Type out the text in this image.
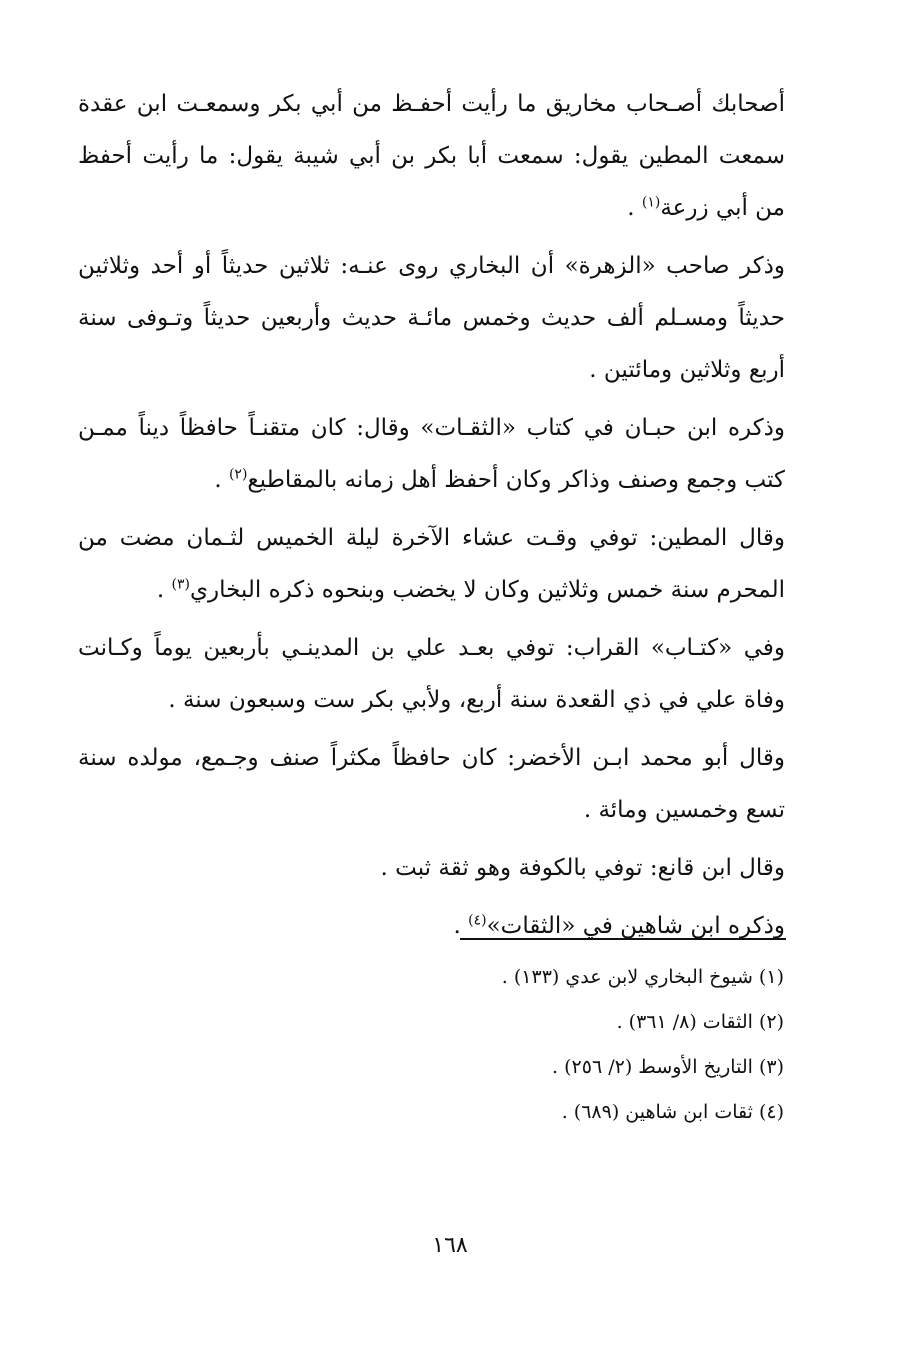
أصحابك أصـحاب مخاريق ما رأيت أحفـظ من أبي بكر وسمعـت ابن عقدة سمعت المطين يقول: سمعت أبا بكر بن أبي شيبة يقول: ما رأيت أحفظ من أبي زرعة$^{(١)}$ .

وذكر صاحب «الزهرة» أن البخاري روى عنـه: ثلاثين حديثاً أو أحد وثلاثين حديثاً ومسـلم ألف حديث وخمس مائـة حديث وأربعين حديثاً وتـوفى سنة أربع وثلاثين ومائتين .

وذكره ابن حبـان في كتاب «الثقـات» وقال: كان متقنـاً حافظاً ديناً ممـن كتب وجمع وصنف وذاكر وكان أحفظ أهل زمانه بالمقاطيع$^{(٢)}$ .

وقال المطين: توفي وقـت عشاء الآخرة ليلة الخميس لثـمان مضت من المحرم سنة خمس وثلاثين وكان لا يخضب وبنحوه ذكره البخاري$^{(٣)}$ .

وفي «كتـاب» القراب: توفي بعـد علي بن المدينـي بأربعين يوماً وكـانت وفاة علي في ذي القعدة سنة أربع، ولأبي بكر ست وسبعون سنة .

وقال أبو محمد ابـن الأخضر: كان حافظاً مكثراً صنف وجـمع، مولده سنة تسع وخمسين ومائة .

وقال ابن قانع: توفي بالكوفة وهو ثقة ثبت .

وذكره ابن شاهين في «الثقات»$^{(٤)}$ .

(١) شيوخ البخاري لابن عدي (١٣٣) .

(٢) الثقات (٨/ ٣٦١) .

(٣) التاريخ الأوسط (٢/ ٢٥٦) .

(٤) ثقات ابن شاهين (٦٨٩) .

١٦٨
